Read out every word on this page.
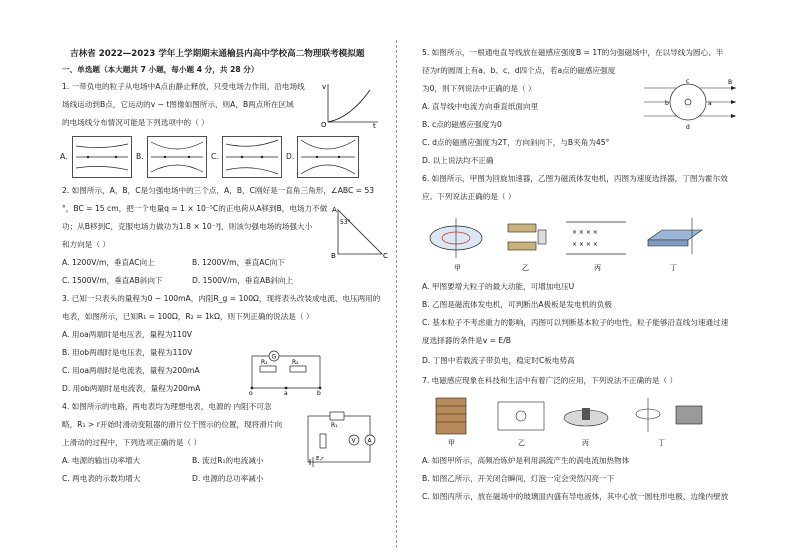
吉林省 2022—2023 学年上学期期末通榆县内高中学校高二物理联考模拟题
一、单选题（本大题共 7 小题，每小题 4 分，共 28 分）
1. 一带负电的粒子从电场中A点由静止释放，只受电场力作用，沿电场线
场线运动到B点，它运动的v − t图像如图所示，则A，B两点所在区域
的电场线分布情况可能是下列选项中的（ ）
v
O	t
A.	B.	C.	D.
2. 如图所示，A，B，C是匀强电场中的三个点，A，B，C刚好是一直角三角形，∠ABC = 53
°，BC = 15 cm，把一个电量q = 1 × 10⁻⁵C的正电荷从A移到B，电场力不做
功；从B移到C，克服电场力做功为1.8 × 10⁻³J，则该匀强电场的场强大小
和方向是（ ）
A
B	C
53°
A. 1200V/m，垂直AC向上	B. 1200V/m，垂直AC向下
C. 1500V/m，垂直AB斜向下	D. 1500V/m，垂直AB斜向上
3. 已知一只表头的量程为0 ~ 100mA，内阻R_g = 100Ω，现将表头改装成电流、电压两用的
电表，如图所示，已知R₁ = 100Ω，R₂ = 1kΩ，则下列正确的说法是（ ）
A. 用oa两端时是电压表，量程为110V
B. 用ob两端时是电压表，量程为110V
C. 用oa两端时是电流表，量程为200mA
D. 用ob两端时是电流表，量程为200mA
G
R₁	R₂
o	a	b
4. 如图所示的电路，两电表均为理想电表，电源的 内阻不可忽
略，R₁ > r开始时滑动变阻器的滑片位于图示的位置，现将滑片向
上滑动的过程中，下列选项正确的是（ ）
R₁
V A
E,r
A. 电源的输出功率增大	B. 流过R₁的电流减小
C. 两电表的示数均增大	D. 电源的总功率减小
5. 如图所示，一根通电直导线放在磁感应强度B = 1T的匀强磁场中，在以导线为圆心、半
径为r的圆周上有a、b、c、d四个点，若a点的磁感应强度
为0，则下列说法中正确的是（ ）
c
b
d
a
B
A. 直导线中电流方向垂直纸面向里
B. c点的磁感应强度为0
C. d点的磁感应强度为2T，方向斜向下，与B夹角为45°
D. 以上说法均不正确
6. 如图所示，甲图为回旋加速器，乙图为磁流体发电机，丙图为速度选择器，丁图为霍尔效
应。下列说法正确的是（ ）
甲	乙
× × × ×
× × × ×
丙	丁
A. 甲图要增大粒子的最大动能，可增加电压U
B. 乙图是磁流体发电机，可判断出A极板是发电机的负极
C. 基本粒子不考虑重力的影响，丙图可以判断基本粒子的电性，粒子能够沿直线匀速通过速
度选择器的条件是v = E/B
D. 丁图中若载流子带负电，稳定时C板电势高
7. 电磁感应现象在科技和生活中有着广泛的应用，下列说法不正确的是（ ）
甲	乙	丙	丁
A. 如图甲所示，高频冶炼炉是利用涡流产生的涡电流加热物体
B. 如图乙所示，开关闭合瞬间，灯泡一定会突然闪亮一下
C. 如图丙所示，放在磁场中的玻璃皿内盛有导电液体，其中心放一圆柱形电极，边缘内壁放
